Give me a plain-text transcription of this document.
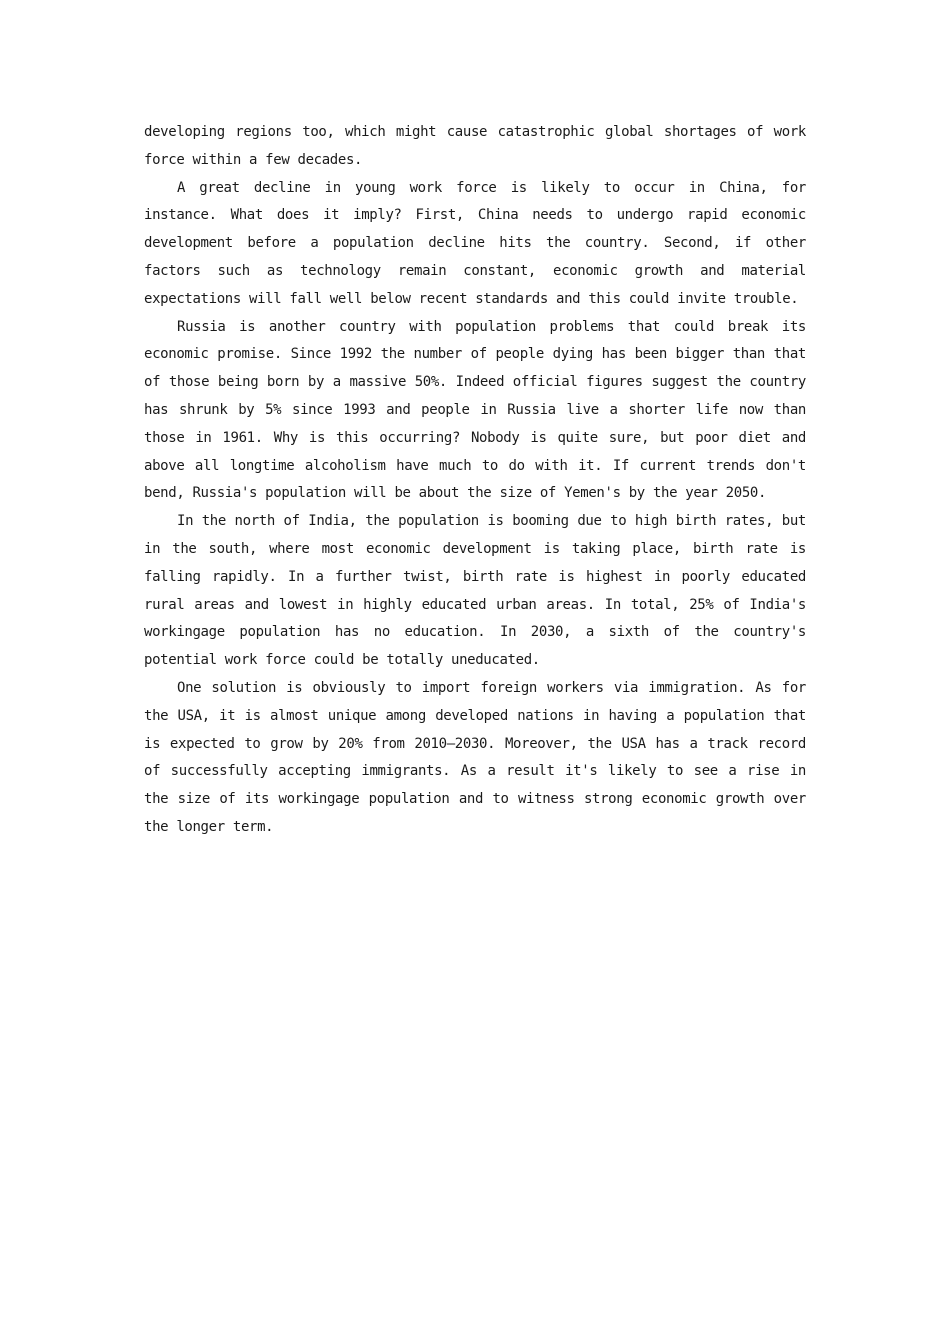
developing regions too, which might cause catastrophic global shortages of work force within a few decades.

A great decline in young work force is likely to occur in China, for instance. What does it imply? First, China needs to undergo rapid economic development before a population decline hits the country. Second, if other factors such as technology remain constant, economic growth and material expectations will fall well below recent standards and this could invite trouble.

Russia is another country with population problems that could break its economic promise. Since 1992 the number of people dying has been bigger than that of those being born by a massive 50%. Indeed official figures suggest the country has shrunk by 5% since 1993 and people in Russia live a shorter life now than those in 1961. Why is this occurring? Nobody is quite sure, but poor diet and above all longtime alcoholism have much to do with it. If current trends don't bend, Russia's population will be about the size of Yemen's by the year 2050.

In the north of India, the population is booming due to high birth rates, but in the south, where most economic development is taking place, birth rate is falling rapidly. In a further twist, birth rate is highest in poorly educated rural areas and lowest in highly educated urban areas. In total, 25% of India's workingage population has no education. In 2030, a sixth of the country's potential work force could be totally uneducated.

One solution is obviously to import foreign workers via immigration. As for the USA, it is almost unique among developed nations in having a population that is expected to grow by 20% from 2010—2030. Moreover, the USA has a track record of successfully accepting immigrants. As a result it's likely to see a rise in the size of its workingage population and to witness strong economic growth over the longer term.
